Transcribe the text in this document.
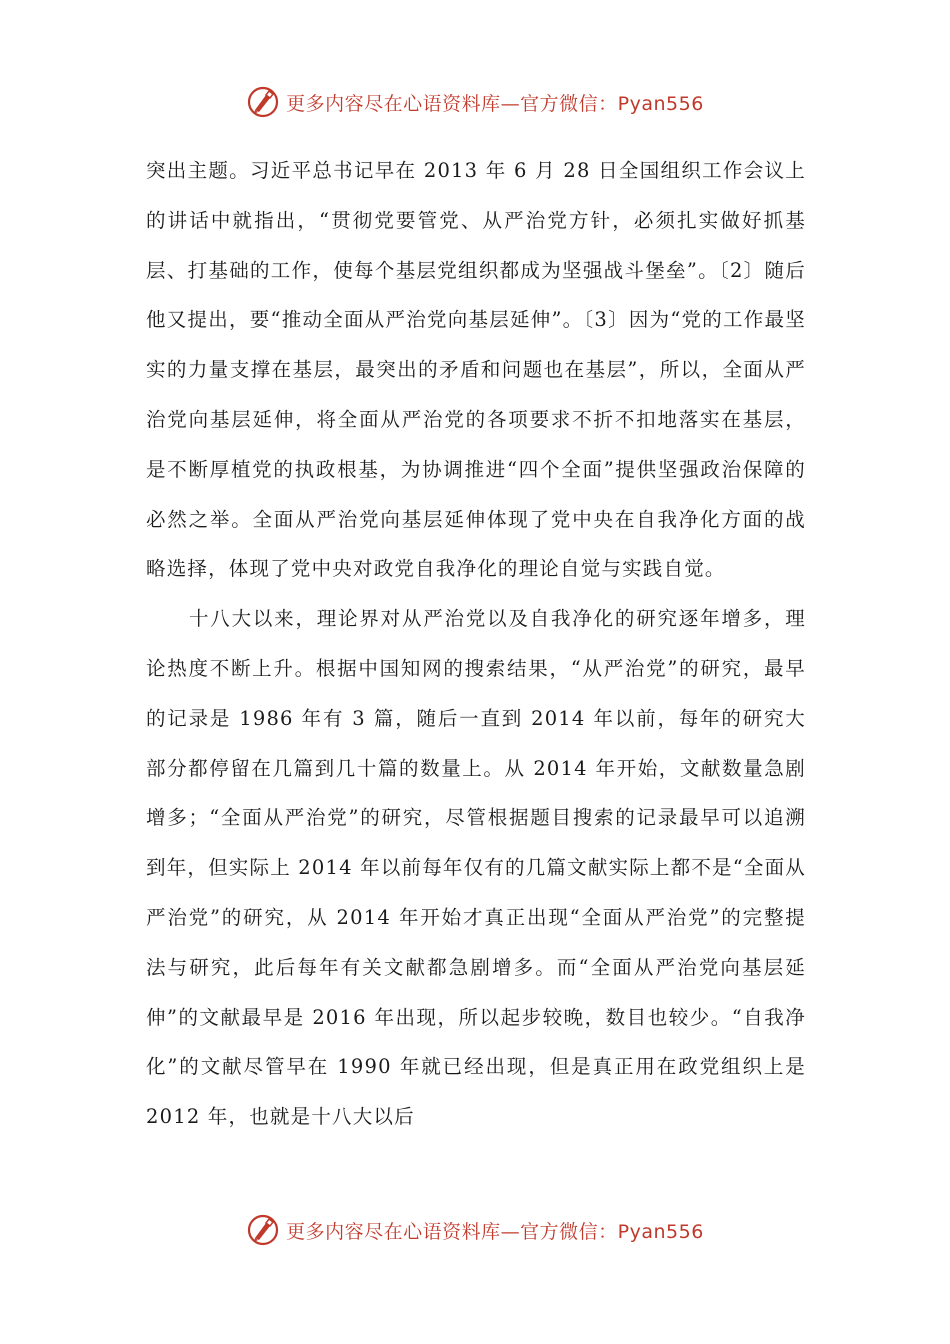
更多内容尽在心语资料库—官方微信：Pyan556

突出主题。习近平总书记早在 2013 年 6 月 28 日全国组织工作会议上的讲话中就指出，“贯彻党要管党、从严治党方针，必须扎实做好抓基层、打基础的工作，使每个基层党组织都成为坚强战斗堡垒”。〔2〕随后他又提出，要“推动全面从严治党向基层延伸”。〔3〕因为“党的工作最坚实的力量支撑在基层，最突出的矛盾和问题也在基层”，所以，全面从严治党向基层延伸，将全面从严治党的各项要求不折不扣地落实在基层，是不断厚植党的执政根基，为协调推进“四个全面”提供坚强政治保障的必然之举。全面从严治党向基层延伸体现了党中央在自我净化方面的战略选择，体现了党中央对政党自我净化的理论自觉与实践自觉。

十八大以来，理论界对从严治党以及自我净化的研究逐年增多，理论热度不断上升。根据中国知网的搜索结果，“从严治党”的研究，最早的记录是 1986 年有 3 篇，随后一直到 2014 年以前，每年的研究大部分都停留在几篇到几十篇的数量上。从 2014 年开始，文献数量急剧增多；“全面从严治党”的研究，尽管根据题目搜索的记录最早可以追溯到年，但实际上 2014 年以前每年仅有的几篇文献实际上都不是“全面从严治党”的研究，从 2014 年开始才真正出现“全面从严治党”的完整提法与研究，此后每年有关文献都急剧增多。而“全面从严治党向基层延伸”的文献最早是 2016 年出现，所以起步较晚，数目也较少。“自我净化”的文献尽管早在 1990 年就已经出现，但是真正用在政党组织上是 2012 年，也就是十八大以后

更多内容尽在心语资料库—官方微信：Pyan556
